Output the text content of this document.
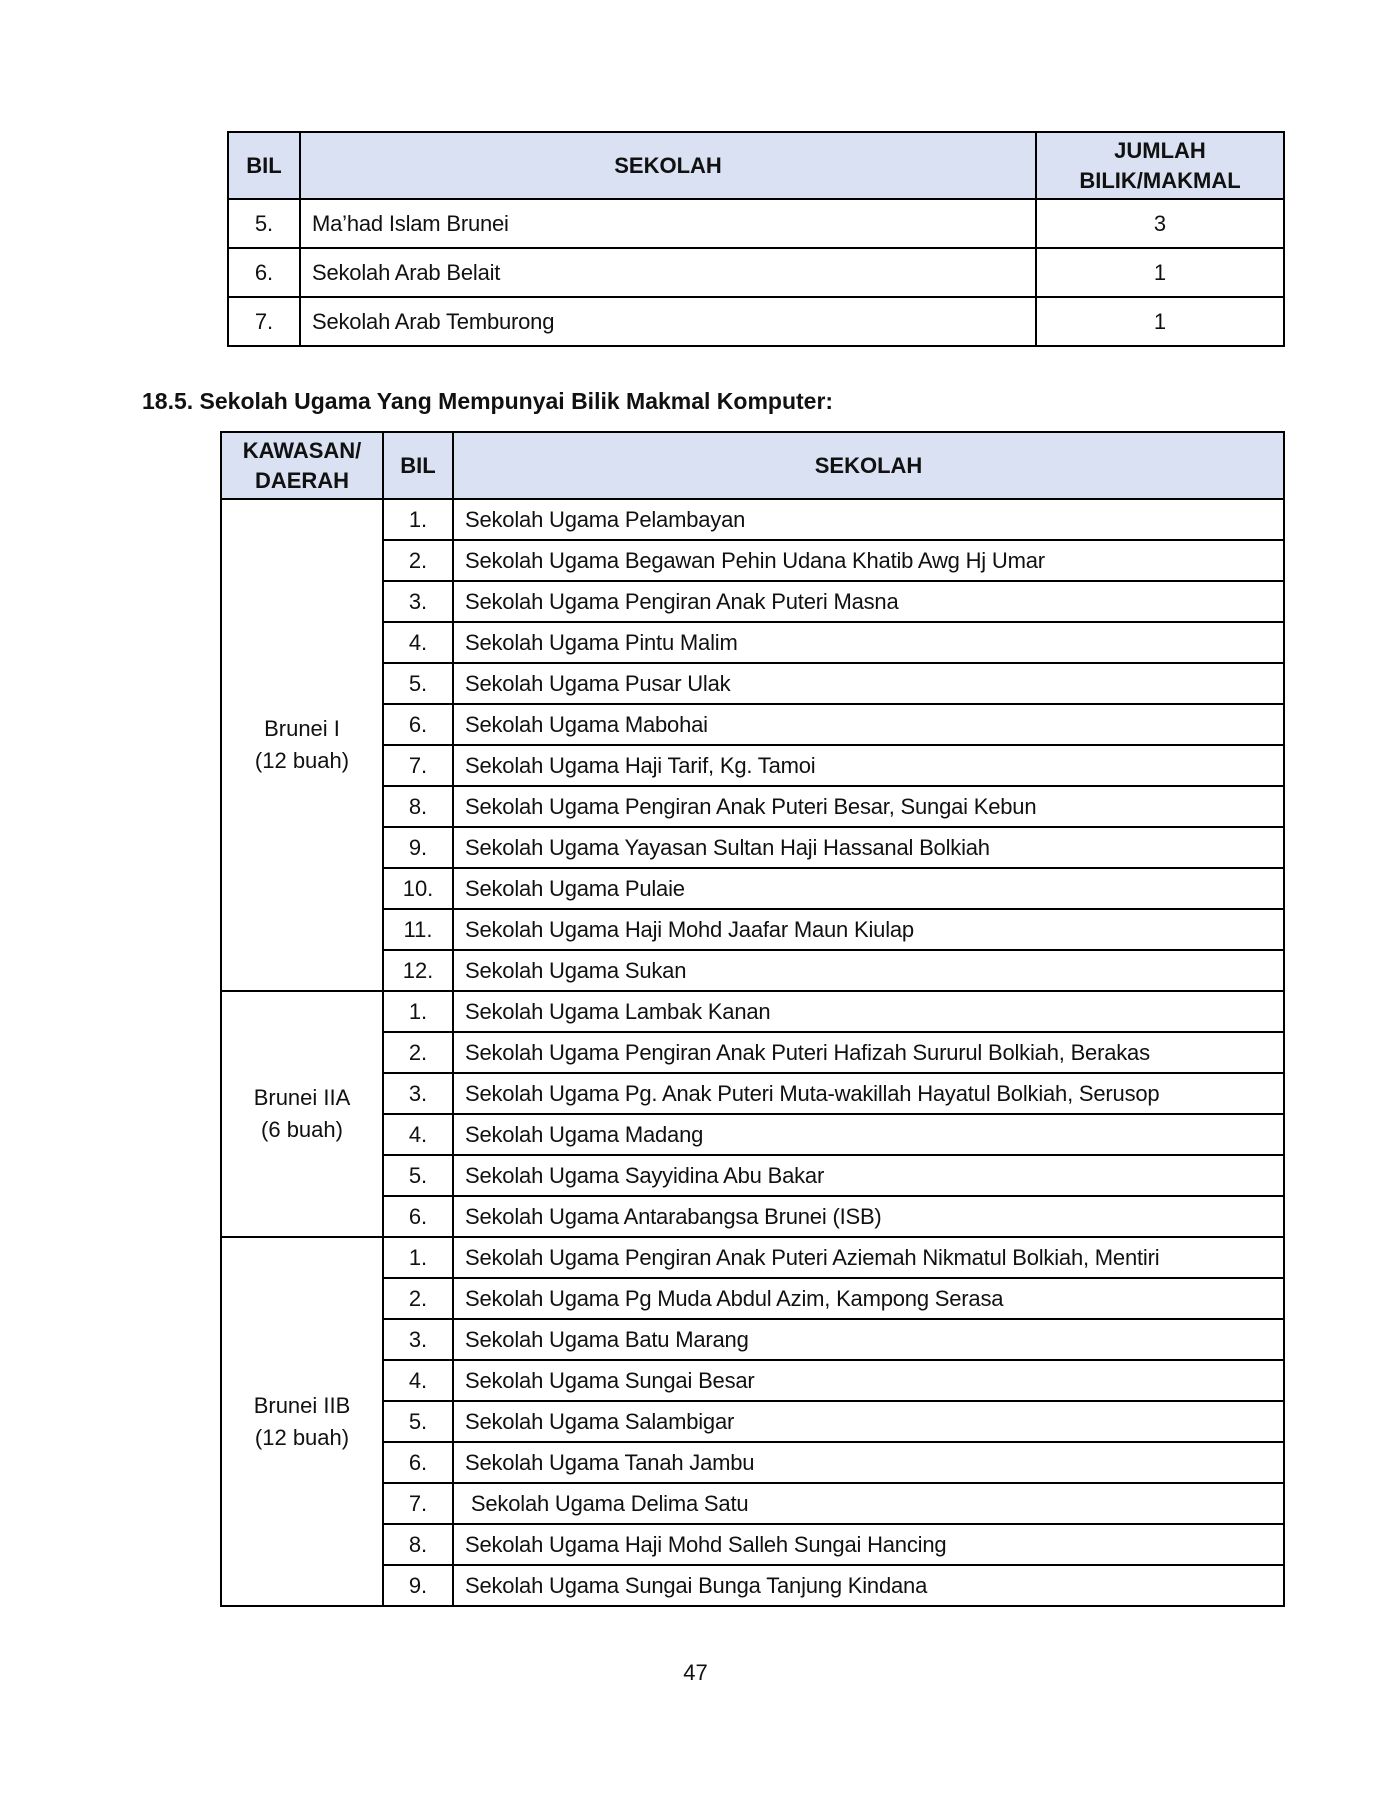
BIL	SEKOLAH	JUMLAH
BILIK/MAKMAL
5.	Ma’had Islam Brunei	3
6.	Sekolah Arab Belait	1
7.	Sekolah Arab Temburong	1
18.5. Sekolah Ugama Yang Mempunyai Bilik Makmal Komputer:
KAWASAN/
DAERAH	BIL	SEKOLAH
Brunei I
(12 buah)	1.	Sekolah Ugama Pelambayan
	2.	Sekolah Ugama Begawan Pehin Udana Khatib Awg Hj Umar
	3.	Sekolah Ugama Pengiran Anak Puteri Masna
	4.	Sekolah Ugama Pintu Malim
	5.	Sekolah Ugama Pusar Ulak
	6.	Sekolah Ugama Mabohai
	7.	Sekolah Ugama Haji Tarif, Kg. Tamoi
	8.	Sekolah Ugama Pengiran Anak Puteri Besar, Sungai Kebun
	9.	Sekolah Ugama Yayasan Sultan Haji Hassanal Bolkiah
	10.	Sekolah Ugama Pulaie
	11.	Sekolah Ugama Haji Mohd Jaafar Maun Kiulap
	12.	Sekolah Ugama Sukan
Brunei IIA
(6 buah)	1.	Sekolah Ugama Lambak Kanan
	2.	Sekolah Ugama Pengiran Anak Puteri Hafizah Sururul Bolkiah, Berakas
	3.	Sekolah Ugama Pg. Anak Puteri Muta-wakillah Hayatul Bolkiah, Serusop
	4.	Sekolah Ugama Madang
	5.	Sekolah Ugama Sayyidina Abu Bakar
	6.	Sekolah Ugama Antarabangsa Brunei (ISB)
Brunei IIB
(12 buah)	1.	Sekolah Ugama Pengiran Anak Puteri Aziemah Nikmatul Bolkiah, Mentiri
	2.	Sekolah Ugama Pg Muda Abdul Azim, Kampong Serasa
	3.	Sekolah Ugama Batu Marang
	4.	Sekolah Ugama Sungai Besar
	5.	Sekolah Ugama Salambigar
	6.	Sekolah Ugama Tanah Jambu
	7.	Sekolah Ugama Delima Satu
	8.	Sekolah Ugama Haji Mohd Salleh Sungai Hancing
	9.	Sekolah Ugama Sungai Bunga Tanjung Kindana
47
